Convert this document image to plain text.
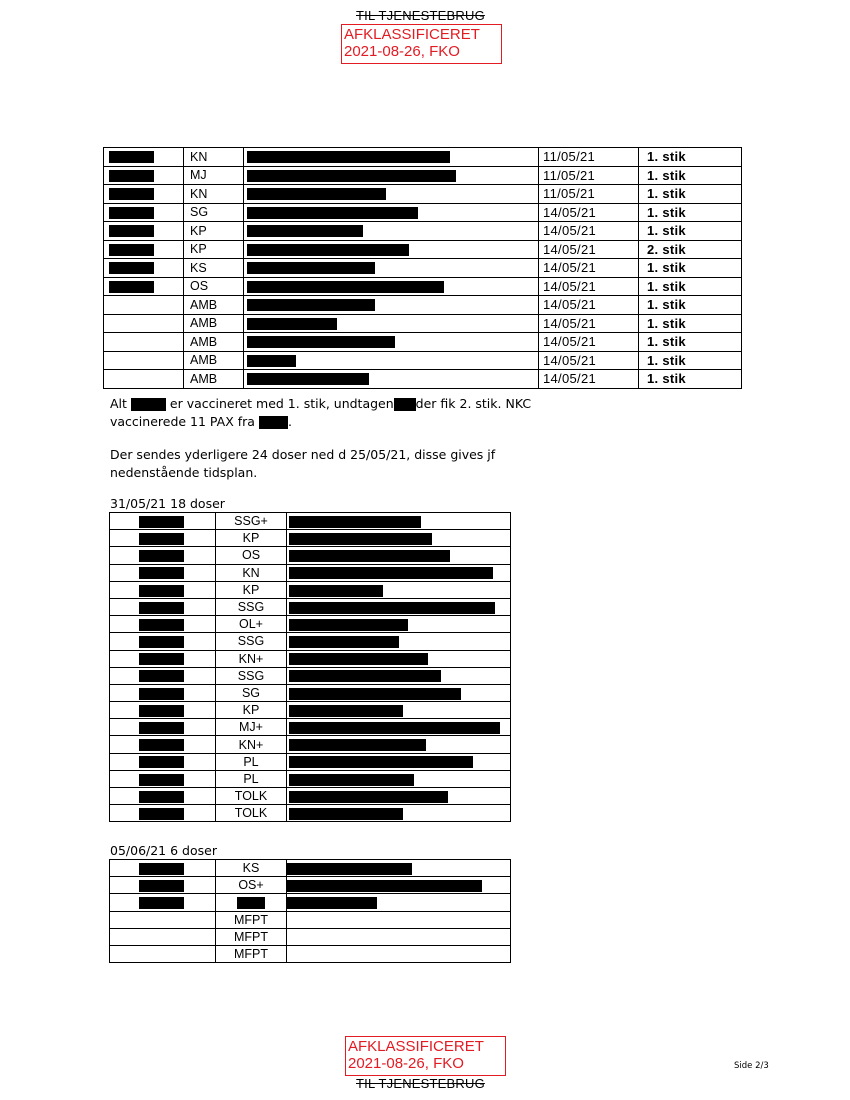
TIL TJENESTEBRUG
AFKLASSIFICERET
2021-08-26, FKO
	KN		11/05/21	1. stik
	MJ		11/05/21	1. stik
	KN		11/05/21	1. stik
	SG		14/05/21	1. stik
	KP		14/05/21	1. stik
	KP		14/05/21	2. stik
	KS		14/05/21	1. stik
	OS		14/05/21	1. stik
	AMB		14/05/21	1. stik
	AMB		14/05/21	1. stik
	AMB		14/05/21	1. stik
	AMB		14/05/21	1. stik
	AMB		14/05/21	1. stik
Alt	er vaccineret med 1. stik, undtagen der fik 2. stik. NKC
vaccinerede 11 PAX fra	.
Der sendes yderligere 24 doser ned d 25/05/21, disse gives jf
nedenstående tidsplan.
31/05/21 18 doser
	SSG+	
	KP	
	OS	
	KN	
	KP	
	SSG	
	OL+	
	SSG	
	KN+	
	SSG	
	SG	
	KP	
	MJ+	
	KN+	
	PL	
	PL	
	TOLK	
	TOLK	
05/06/21 6 doser
	KS	
	OS+	

	MFPT	
	MFPT	
	MFPT	
AFKLASSIFICERET
2021-08-26, FKO
TIL TJENESTEBRUG
Side 2/3
